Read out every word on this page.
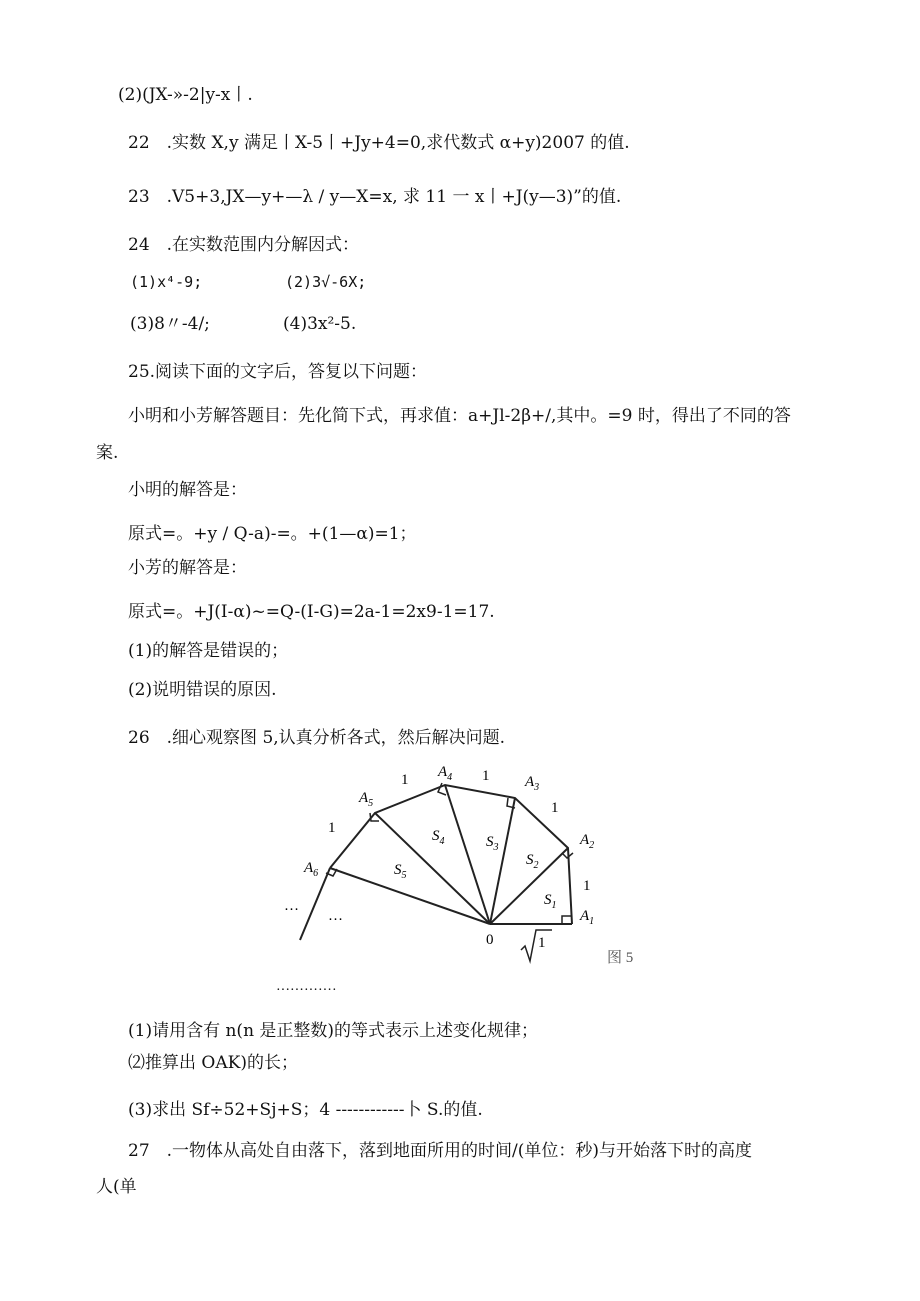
(2)(JX-»-2|y-x丨.
22　.实数 X,y 满足丨X-5丨+Jy+4=0,求代数式 α+y)2007 的值.
23　.V5+3,JX—y+—λ / y—X=x, 求 11 一 x丨+J(y—3)”的值.
24　.在实数范围内分解因式：
(1)x⁴-9;	(2)3√-6X;
(3)8〃-4/;	(4)3x²-5.
25.阅读下面的文字后，答复以下问题：
小明和小芳解答题目：先化简下式，再求值：a+Jl-2β+/,其中。=9 时，得出了不同的答
案.
小明的解答是：
原式=。+y / Q-a)-=。+(1—α)=1；
小芳的解答是：
原式=。+J(I-α)~=Q-(I-G)=2a-1=2x9-1=17.
(1)的解答是错误的；
(2)说明错误的原因.
26　.细心观察图 5,认真分析各式，然后解决问题.
$A_1$
$A_2$
$A_3$
$A_4$
$A_5$
$A_6$
0
$S_1$
$S_2$
$S_3$
$S_4$
$S_5$
1
1
1
1
1
1
图 5
…
…
·············
(1)请用含有 n(n 是正整数)的等式表示上述变化规律；
⑵推算出 OAK)的长；
(3)求出 Sf÷52+Sj+S；4 ------------卜 S.的值.
27　.一物体从高处自由落下，落到地面所用的时间/(单位：秒)与开始落下时的高度
人(单
